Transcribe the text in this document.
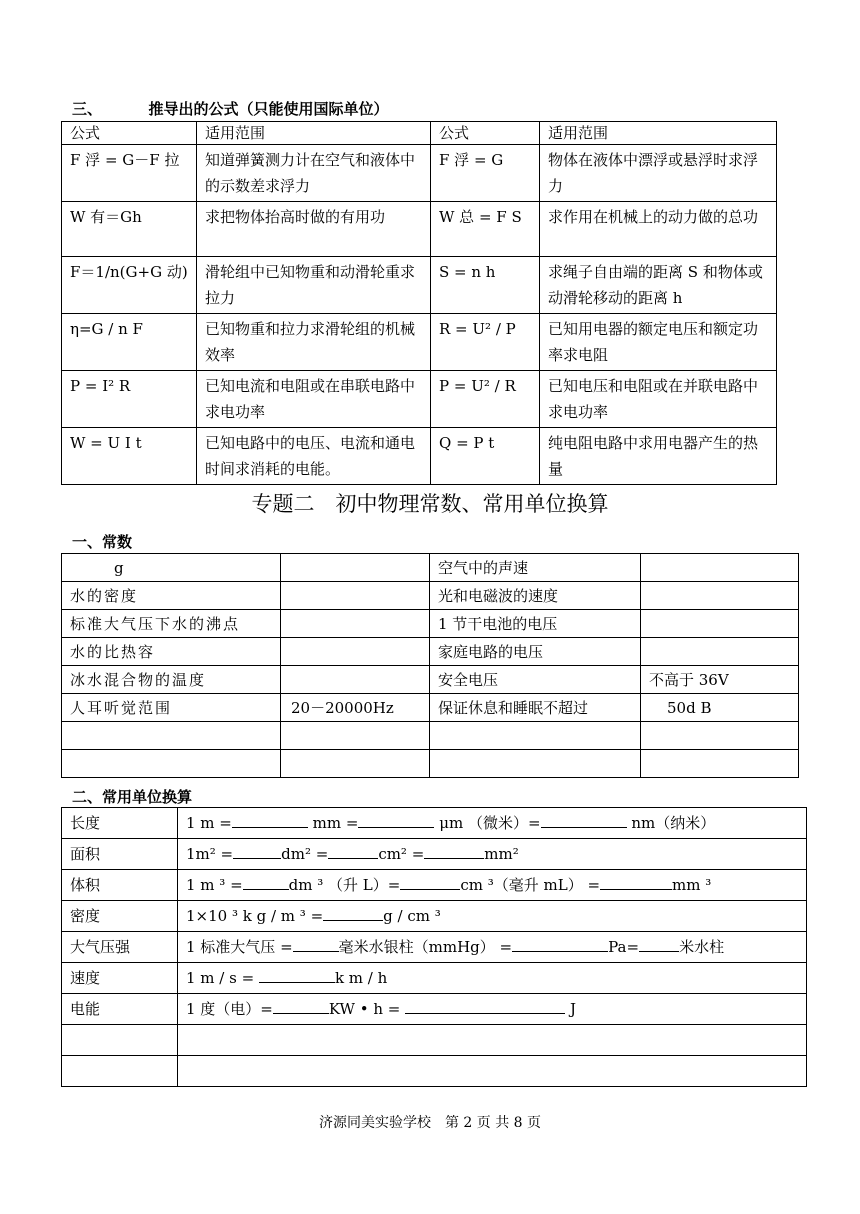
三、	推导出的公式（只能使用国际单位）
公式	适用范围	公式	适用范围
F 浮 = G－F 拉	知道弹簧测力计在空气和液体中的示数差求浮力	F 浮 = G	物体在液体中漂浮或悬浮时求浮力
W 有＝Gh	求把物体抬高时做的有用功	W 总 = F S	求作用在机械上的动力做的总功
F＝1/n(G+G 动)	滑轮组中已知物重和动滑轮重求拉力	S = n h	求绳子自由端的距离 S 和物体或动滑轮移动的距离 h
η=G / n F	已知物重和拉力求滑轮组的机械效率	R = U² / P	已知用电器的额定电压和额定功率求电阻
P = I² R	已知电流和电阻或在串联电路中求电功率	P = U² / R	已知电压和电阻或在并联电路中求电功率
W = U I t	已知电路中的电压、电流和通电时间求消耗的电能。	Q = P t	纯电阻电路中求用电器产生的热量
专题二　初中物理常数、常用单位换算
一、常数
g		空气中的声速	
水的密度		光和电磁波的速度	
标准大气压下水的沸点		1 节干电池的电压	
水的比热容		家庭电路的电压	
冰水混合物的温度		安全电压	不高于 36V
人耳听觉范围	20－20000Hz	保证休息和睡眠不超过	50d B

二、常用单位换算
长度	1 m = mm = μm （微米）= nm（纳米）
面积	1m² = dm² = cm² = mm²
体积	1 m ³ = dm ³ （升 L）= cm ³（毫升 mL） = mm ³
密度	1×10 ³ k g / m ³ = g / cm ³
大气压强	1 标准大气压 = 毫米水银柱（mmHg） = Pa= 米水柱
速度	1 m / s = k m / h
电能	1 度（电）= KW • h = J

济源同美实验学校　第 2 页 共 8 页
